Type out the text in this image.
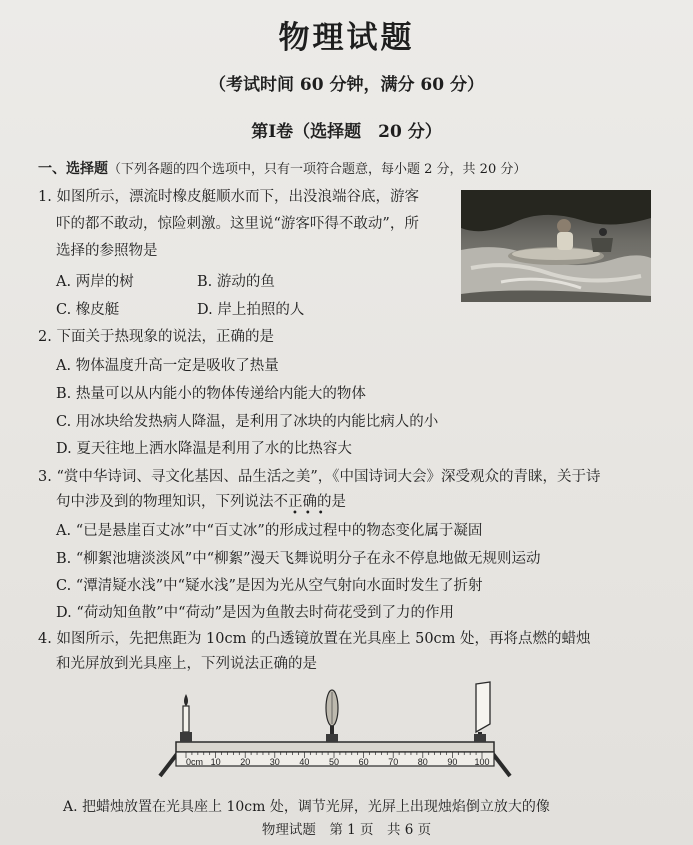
物理试题
（考试时间 60 分钟，满分 60 分）
第Ⅰ卷（选择题　20 分）
一、选择题（下列各题的四个选项中，只有一项符合题意，每小题 2 分，共 20 分）
1. 如图所示，漂流时橡皮艇顺水而下，出没浪端谷底，游客
吓的都不敢动，惊险刺激。这里说“游客吓得不敢动”，所
选择的参照物是
A. 两岸的树	B. 游动的鱼
C. 橡皮艇	D. 岸上拍照的人
2. 下面关于热现象的说法，正确的是
A. 物体温度升高一定是吸收了热量
B. 热量可以从内能小的物体传递给内能大的物体
C. 用冰块给发热病人降温，是利用了冰块的内能比病人的小
D. 夏天往地上洒水降温是利用了水的比热容大
3. “赏中华诗词、寻文化基因、品生活之美”，《中国诗词大会》深受观众的青睐，关于诗
句中涉及到的物理知识，下列说法不正确的是
•••
A. “已是悬崖百丈冰”中“百丈冰”的形成过程中的物态变化属于凝固
B. “柳絮池塘淡淡风”中“柳絮”漫天飞舞说明分子在永不停息地做无规则运动
C. “潭清疑水浅”中“疑水浅”是因为光从空气射向水面时发生了折射
D. “荷动知鱼散”中“荷动”是因为鱼散去时荷花受到了力的作用
4. 如图所示，先把焦距为 10cm 的凸透镜放置在光具座上 50cm 处，再将点燃的蜡烛
和光屏放到光具座上，下列说法正确的是
0cm 10 20 30 40 50 60 70 80 90 100
A. 把蜡烛放置在光具座上 10cm 处，调节光屏，光屏上出现烛焰倒立放大的像
物理试题　第 1 页　共 6 页
